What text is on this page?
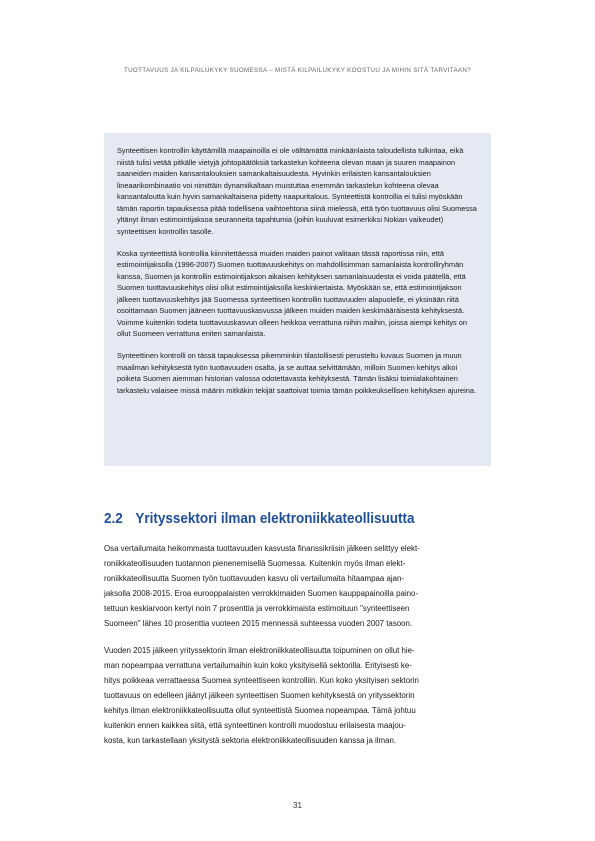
TUOTTAVUUS JA KILPAILUKYKY SUOMESSA – MISTÄ KILPAILUKYKY KOOSTUU JA MIHIN SITÄ TARVITAAN?

Synteettisen kontrollin käyttämillä maapainoilla ei ole välttämättä minkäänlaista taloudellista tulkintaa, eikä niistä tulisi vetää pitkälle vietyjä johtopäätöksiä tarkastelun kohteena olevan maan ja suuren maapainon saaneiden maiden kansantalouksien samankaltaisuudesta. Hyvinkin erilaisten kansantalouksien lineaarikombinaatio voi nimittäin dynamiikaltaan muistuttaa enemmän tarkastelun kohteena olevaa kansantaloutta kuin hyvin samankaltaisena pidetty naapuritalous. Synteettistä kontrollia ei tulisi myöskään tämän raportin tapauksessa pitää todellisena vaihtoehtona siinä mielessä, että työn tuottavuus olisi Suomessa yltänyt ilman estimointijaksoa seuranneita tapahtumia (joihin kuuluvat esimerkiksi Nokian vaikeudet) synteettisen kontrollin tasolle.

Koska synteettistä kontrollia kiinnitettäessä muiden maiden painot valitaan tässä raportissa niin, että estimointijaksolla (1996-2007) Suomen tuottavuuskehitys on mahdollisimman samanlaista kontrolliryhmän kanssa, Suomen ja kontrollin estimointijakson aikaisen kehityksen samanlaisuudesta ei voida päätellä, että Suomen tuottavuuskehitys olisi ollut estimointijaksolla keskinkertaista. Myöskään se, että estimointijakson jälkeen tuottavuuskehitys jää Suomessa synteettisen kontrollin tuottavuuden alapuolelle, ei yksinään riitä osoittamaan Suomen jääneen tuottavuuskasvussa jälkeen muiden maiden keskimääräisestä kehityksestä. Voimme kuitenkin todeta tuottavuuskasvun olleen heikkoa verrattuna niihin maihin, joissa aiempi kehitys on ollut Suomeen verrattuna eniten samanlaista.

Synteettinen kontrolli on tässä tapauksessa pikemminkin tilastollisesti perusteltu kuvaus Suomen ja muun maailman kehityksestä työn tuottavuuden osalta, ja se auttaa selvittämään, milloin Suomen kehitys alkoi poiketa Suomen aiemman historian valossa odotettavasta kehityksestä. Tämän lisäksi toimialakohtainen tarkastelu valaisee missä määrin mitkäkin tekijät saattoivat toimia tämän poikkeuksellisen kehityksen ajureina.

2.2 Yrityssektori ilman elektroniikkateollisuutta

Osa vertailumaita heikommasta tuottavuuden kasvusta finanssikriisin jälkeen selittyy elekt-
roniikkateollisuuden tuotannon pienenemisellä Suomessa. Kuitenkin myös ilman elekt-
roniikkateollisuutta Suomen työn tuottavuuden kasvu oli vertailumaita hitaampaa ajan-
jaksolla 2008-2015. Eroa eurooppalaisten verrokkimaiden Suomen kauppapainoilla paino-
tettuun keskiarvoon kertyi noin 7 prosenttia ja verrokkimaista estimoituun "synteettiseen
Suomeen" lähes 10 prosenttia vuoteen 2015 mennessä suhteessa vuoden 2007 tasoon.

Vuoden 2015 jälkeen yrityssektorin ilman elektroniikkateollisuutta toipuminen on ollut hie-
man nopeampaa verrattuna vertailumaihin kuin koko yksityisellä sektorilla. Erityisesti ke-
hitys poikkeaa verrattaessa Suomea synteettiseen kontrolliin. Kun koko yksityisen sektorin
tuottavuus on edelleen jäänyt jälkeen synteettisen Suomen kehityksestä on yrityssektorin
kehitys ilman elektroniikkateollisuutta ollut synteettistä Suomea nopeampaa. Tämä johtuu
kuitenkin ennen kaikkea siitä, että synteettinen kontrolli muodostuu erilaisesta maajou-
kosta, kun tarkastellaan yksitystä sektoria elektroniikkateollisuuden kanssa ja ilman.

31
